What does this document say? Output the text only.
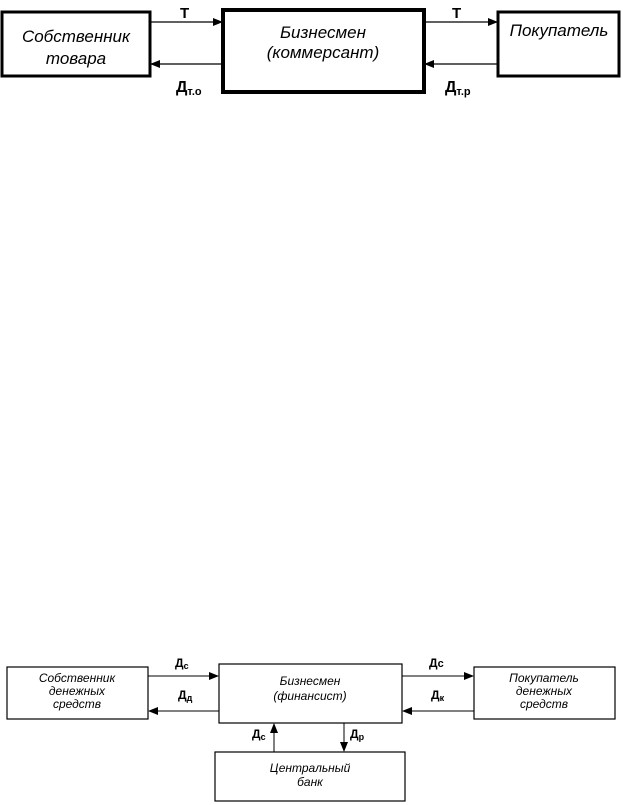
Собственник
товара
Бизнесмен
(коммерсант)
Покупатель
Т	Т
Дт.о	Дт.р
Собственник
денежных
средств
Бизнесмен
(финансист)
Покупатель
денежных
средств
Центральный
банк
Дс
Дд
Дс
Дк
Дс	Др
